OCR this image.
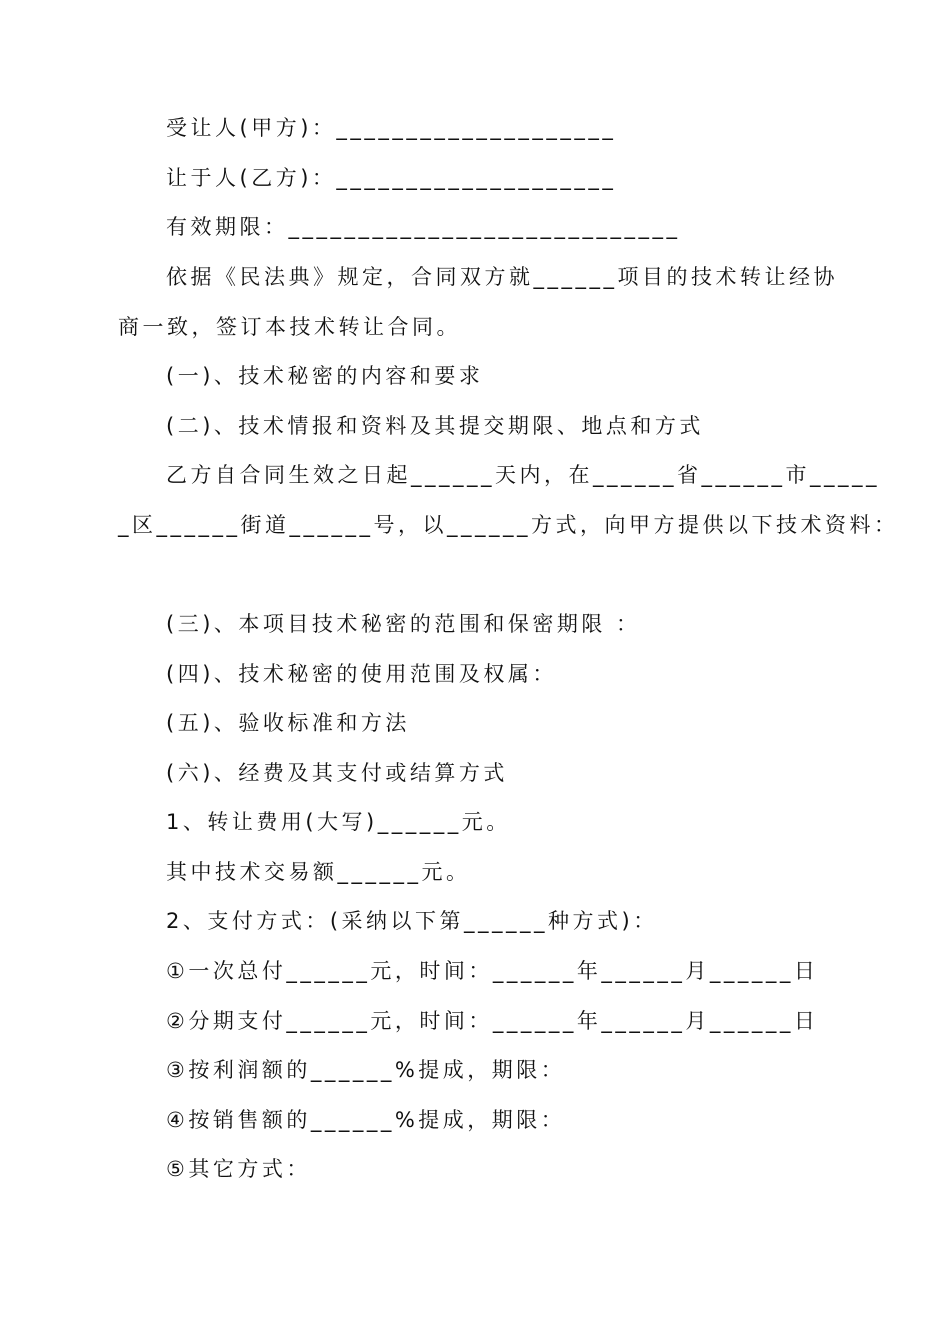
受让人(甲方)：____________________
让于人(乙方)：____________________
有效期限：____________________________
依据《民法典》规定，合同双方就______项目的技术转让经协
商一致，签订本技术转让合同。
(一)、技术秘密的内容和要求
(二)、技术情报和资料及其提交期限、地点和方式
乙方自合同生效之日起______天内，在______省______市_____
_区______街道______号，以______方式，向甲方提供以下技术资料：
(三)、本项目技术秘密的范围和保密期限 ：
(四)、技术秘密的使用范围及权属：
(五)、验收标准和方法
(六)、经费及其支付或结算方式
1、转让费用(大写)______元。
其中技术交易额______元。
2、支付方式：(采纳以下第______种方式)：
①一次总付______元，时间：______年______月______日
②分期支付______元，时间：______年______月______日
③按利润额的______%提成，期限：
④按销售额的______%提成，期限：
⑤其它方式：
